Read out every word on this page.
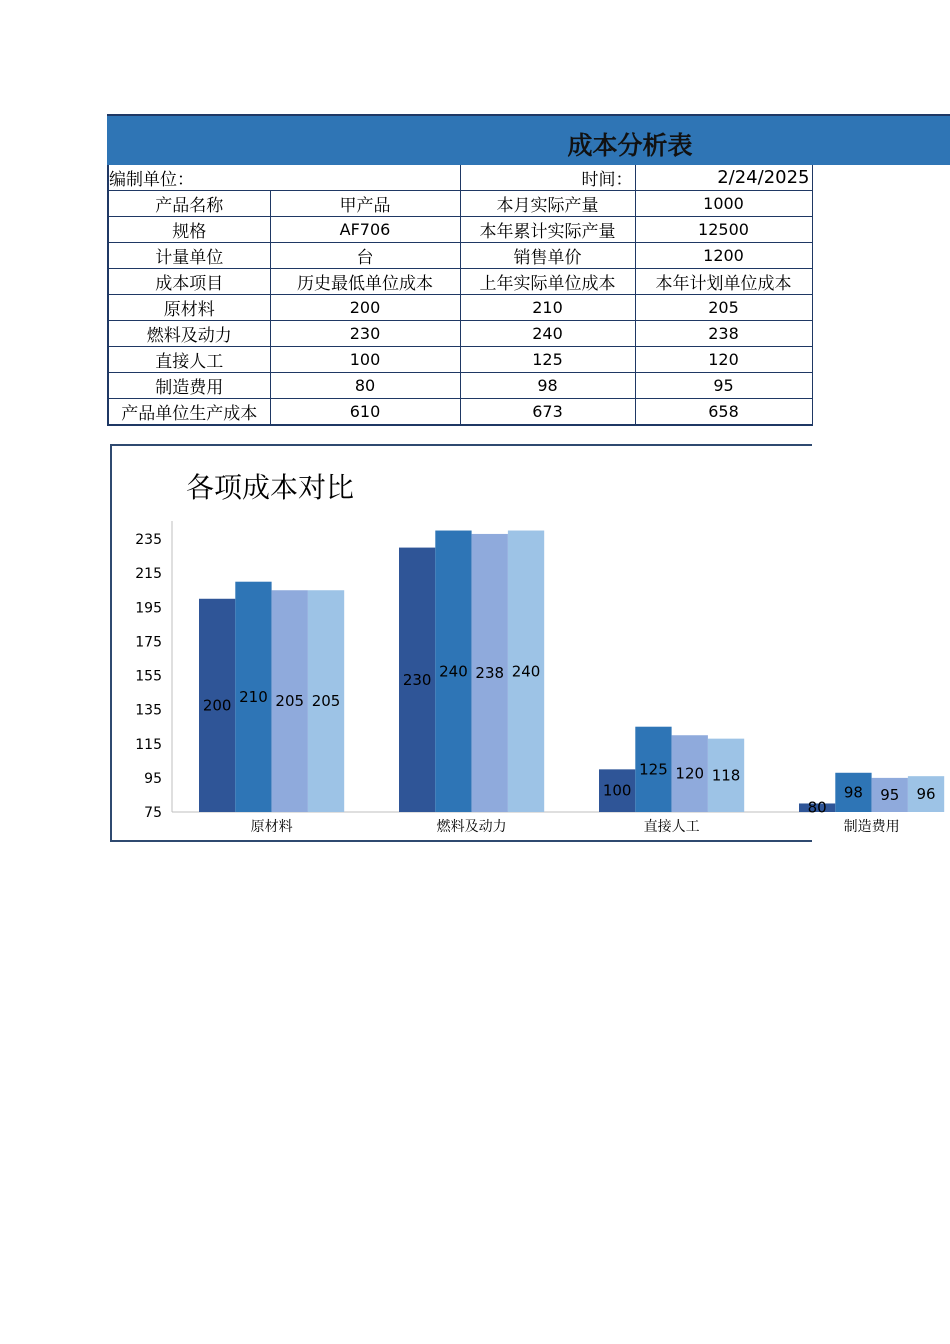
成本分析表
编制单位：		时间：	2/24/2025
产品名称	甲产品	本月实际产量	1000
规格	AF706	本年累计实际产量	12500
计量单位	台	销售单价	1200
成本项目	历史最低单位成本	上年实际单位成本	本年计划单位成本
原材料	200	210	205
燃料及动力	230	240	238
直接人工	100	125	120
制造费用	80	98	95
产品单位生产成本	610	673	658
各项成本对比
75
95
115
135
155
175
195
215
235
200 210 205 205
原材料
230 240 238 240
燃料及动力
100
125 120 118
直接人工
80
98 95 96
制造费用
